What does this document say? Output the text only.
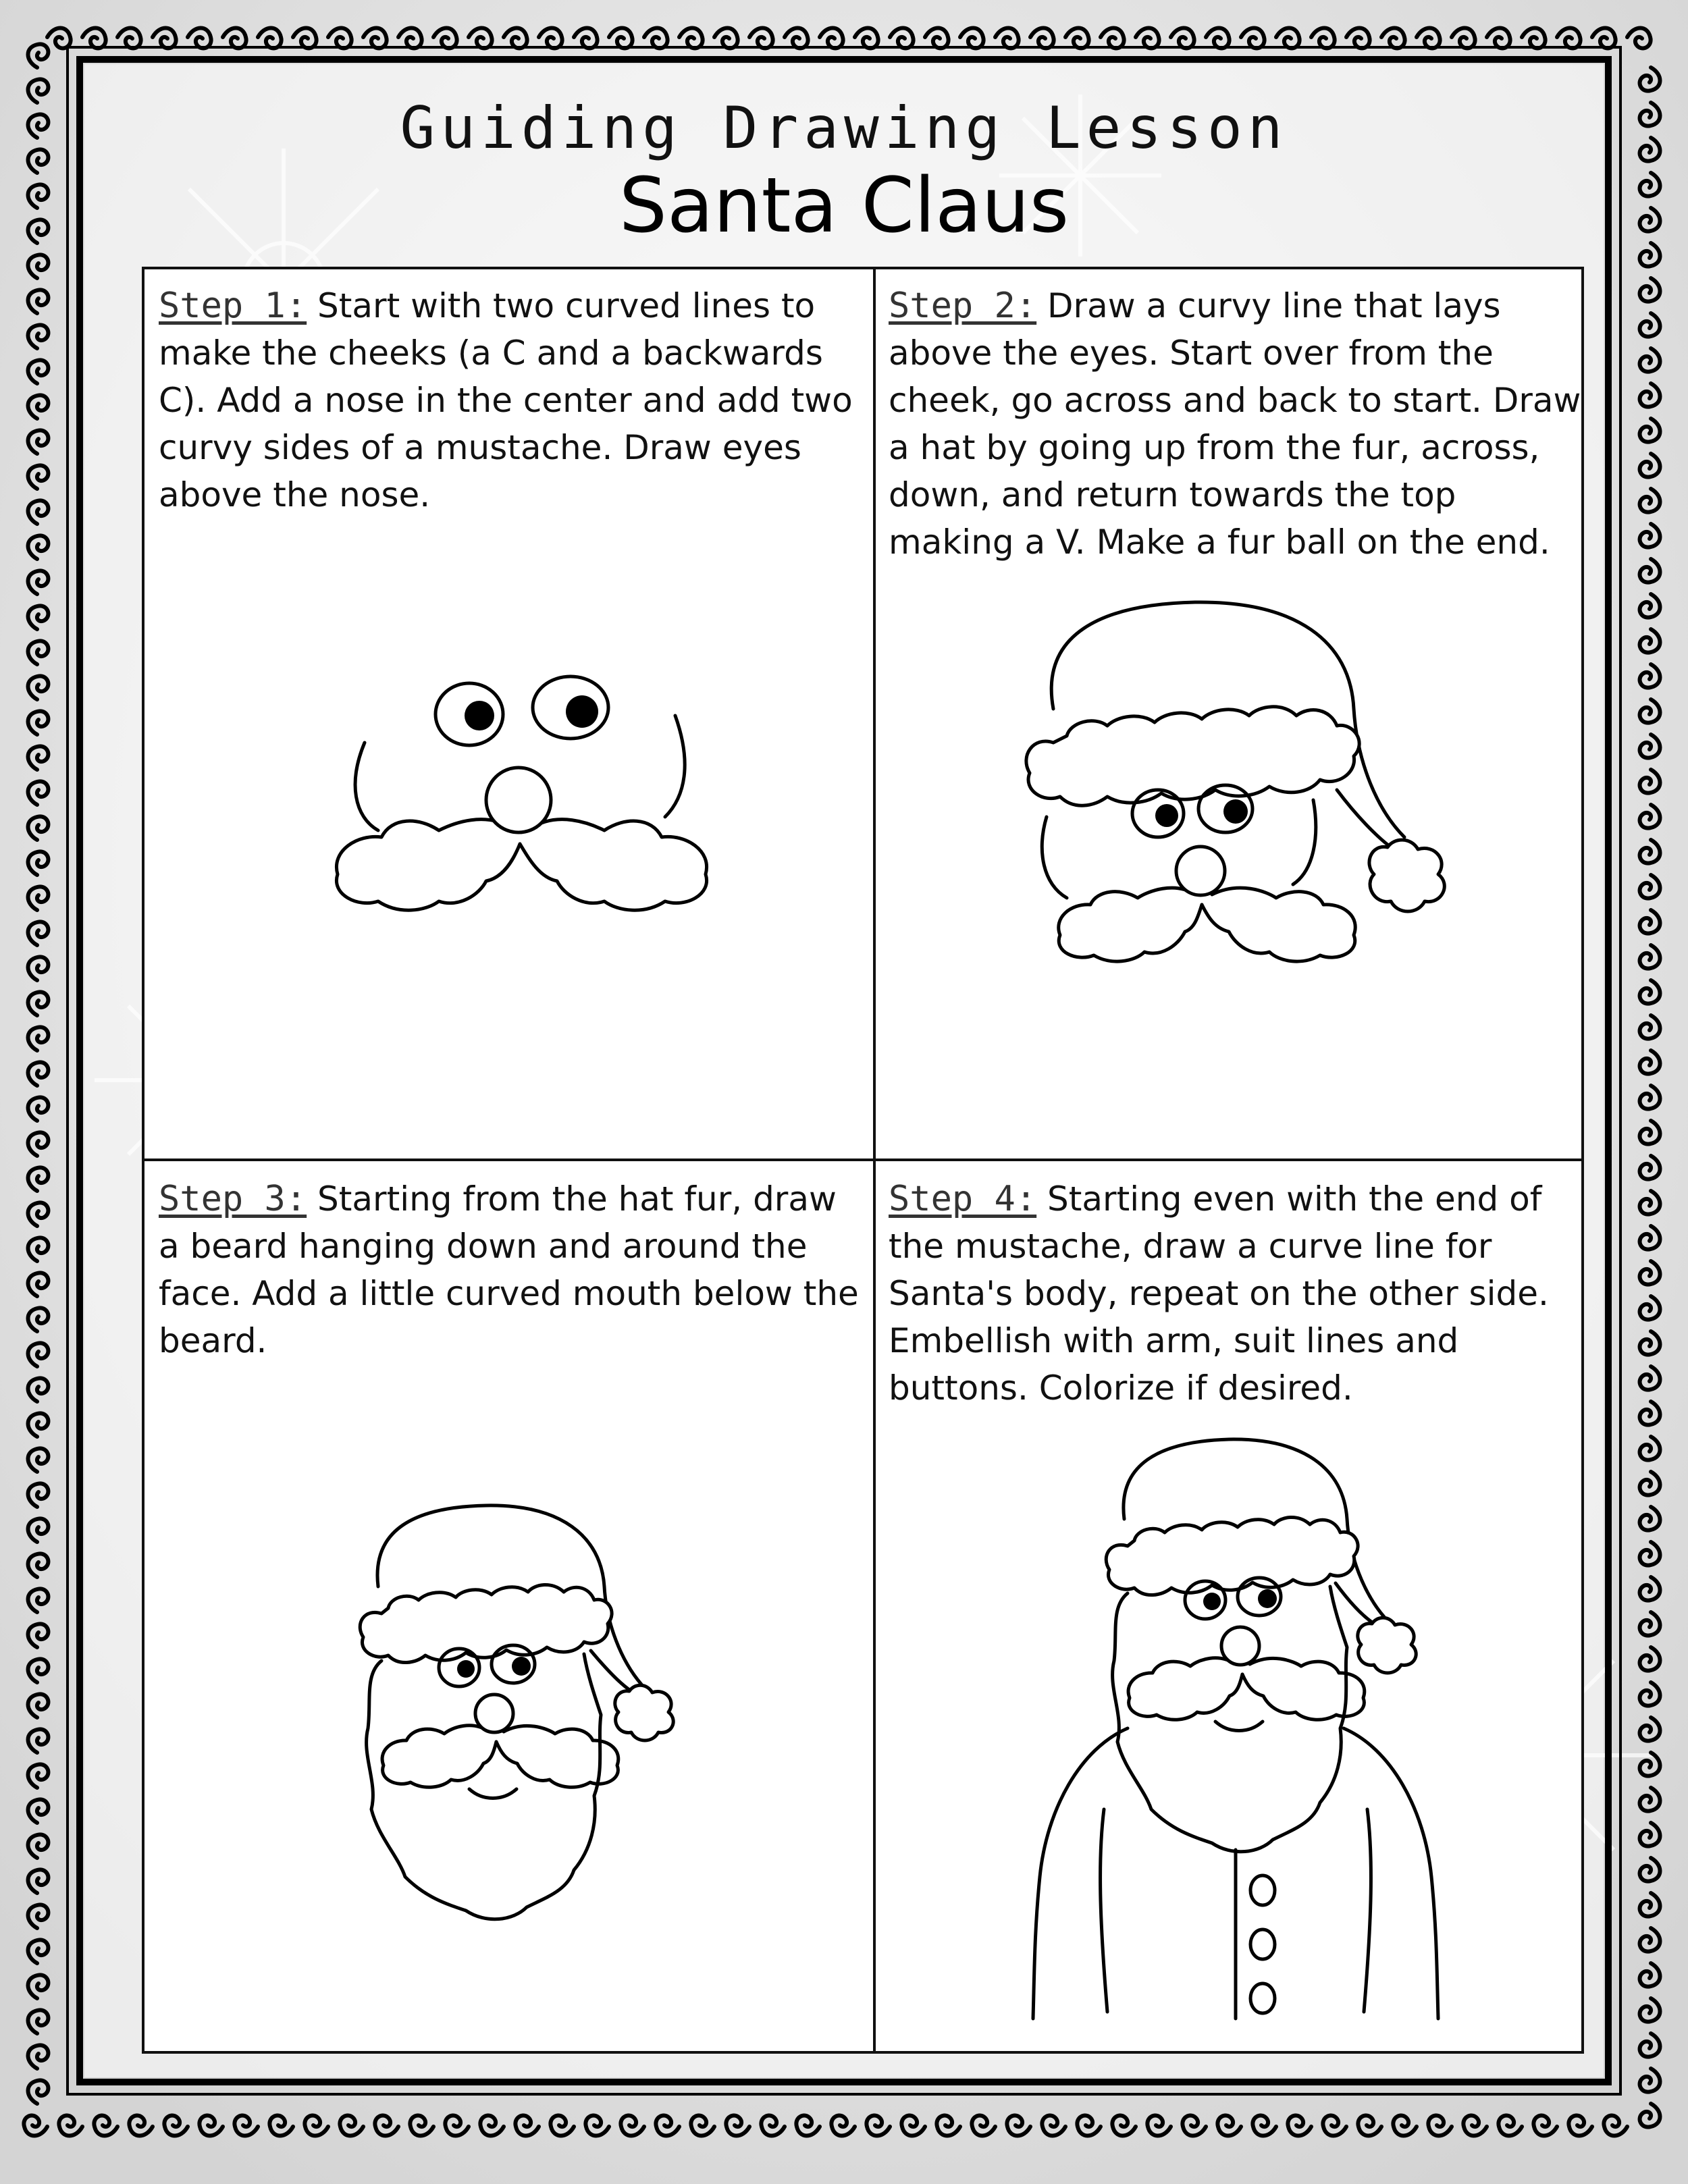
Guiding Drawing Lesson
Santa Claus
Step 1: Start with two curved lines to make the cheeks (a C and a backwards C). Add a nose in the center and add two curvy sides of a mustache. Draw eyes above the nose.
Step 2: Draw a curvy line that lays above the eyes. Start over from the cheek, go across and back to start. Draw a hat by going up from the fur, across, down, and return towards the top making a V. Make a fur ball on the end.
Step 3: Starting from the hat fur, draw a beard hanging down and around the face. Add a little curved mouth below the beard.
Step 4: Starting even with the end of the mustache, draw a curve line for Santa's body, repeat on the other side. Embellish with arm, suit lines and buttons. Colorize if desired.
